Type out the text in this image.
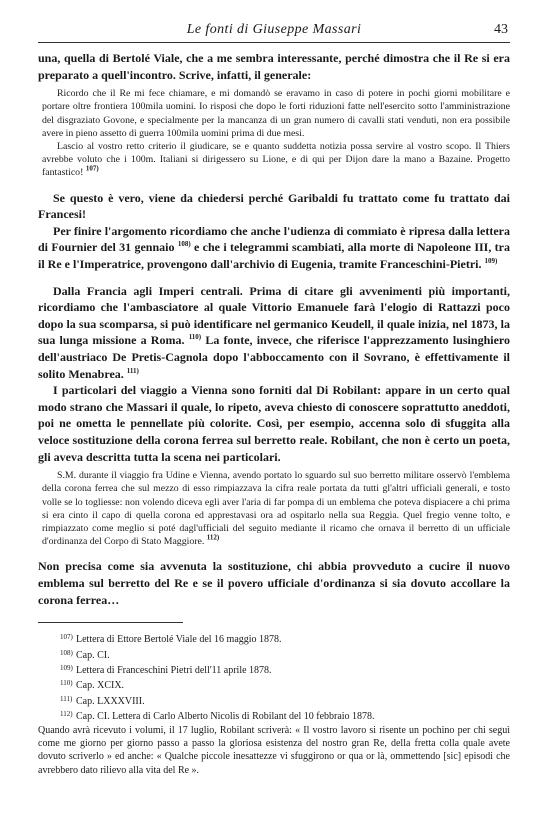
Le fonti di Giuseppe Massari	43

una, quella di Bertolé Viale, che a me sembra interessante, perché dimostra che il Re si era preparato a quell'incontro. Scrive, infatti, il generale:

Ricordo che il Re mi fece chiamare, e mi domandò se eravamo in caso di potere in pochi giorni mobilitare e portare oltre frontiera 100mila uomini. Io risposi che dopo le forti riduzioni fatte nell'esercito sotto l'amministrazione del disgraziato Govone, e specialmente per la mancanza di un gran numero di cavalli stati venduti, non era possibile avere in pieno assetto di guerra 100mila uomini prima di due mesi.

Lascio al vostro retto criterio il giudicare, se e quanto suddetta notizia possa servire al vostro scopo. Il Thiers avrebbe voluto che i 100m. Italiani si dirigessero su Lione, e di qui per Dijon dare la mano a Bazaine. Progetto fantastico! $^{107)}$

Se questo è vero, viene da chiedersi perché Garibaldi fu trattato come fu trattato dai Francesi!

Per finire l'argomento ricordiamo che anche l'udienza di commiato è ripresa dalla lettera di Fournier del 31 gennaio $^{108)}$ e che i telegrammi scambiati, alla morte di Napoleone III, tra il Re e l'Imperatrice, provengono dall'archivio di Eugenia, tramite Franceschini-Pietri. $^{109)}$

Dalla Francia agli Imperi centrali. Prima di citare gli avvenimenti più importanti, ricordiamo che l'ambasciatore al quale Vittorio Emanuele farà l'elogio di Rattazzi poco dopo la sua scomparsa, si può identificare nel germanico Keudell, il quale inizia, nel 1873, la sua lunga missione a Roma. $^{110)}$ La fonte, invece, che riferisce l'apprezzamento lusinghiero dell'austriaco De Pretis-Cagnola dopo l'abboccamento con il Sovrano, è effettivamente il solito Menabrea. $^{111)}$

I particolari del viaggio a Vienna sono forniti dal Di Robilant: appare in un certo qual modo strano che Massari il quale, lo ripeto, aveva chiesto di conoscere soprattutto aneddoti, poi ne ometta le pennellate più colorite. Così, per esempio, accenna solo di sfuggita alla veloce sostituzione della corona ferrea sul berretto reale. Robilant, che non è certo un poeta, gli aveva descritta tutta la scena nei particolari.

S.M. durante il viaggio fra Udine e Vienna, avendo portato lo sguardo sul suo berretto militare osservò l'emblema della corona ferrea che sul mezzo di esso rimpiazzava la cifra reale portata da tutti gl'altri ufficiali generali, e tosto volle se lo togliesse: non volendo diceva egli aver l'aria di far pompa di un emblema che poteva dispiacere a chi prima si era cinto il capo di quella corona ed apprestavasi ora ad ospitarlo nella sua Reggia. Quel fregio venne tolto, e rimpiazzato come meglio si poté dagl'ufficiali del seguito mediante il ricamo che ornava il berretto di un ufficiale d'ordinanza del Corpo di Stato Maggiore. $^{112)}$

Non precisa come sia avvenuta la sostituzione, chi abbia provveduto a cucire il nuovo emblema sul berretto del Re e se il povero ufficiale d'ordinanza si sia dovuto accollare la corona ferrea…

107) Lettera di Ettore Bertolé Viale del 16 maggio 1878.
108) Cap. CI.
109) Lettera di Franceschini Pietri dell'11 aprile 1878.
110) Cap. XCIX.
111) Cap. LXXXVIII.
112) Cap. CI. Lettera di Carlo Alberto Nicolis di Robilant del 10 febbraio 1878.
Quando avrà ricevuto i volumi, il 17 luglio, Robilant scriverà: « Il vostro lavoro si risente un pochino per chi seguì come me giorno per giorno passo a passo la gloriosa esistenza del nostro gran Re, della fretta colla quale avete dovuto scriverlo » ed anche: « Qualche piccole inesattezze vi sfuggirono or qua or là, ommettendo [sic] episodi che avrebbero dato rilievo alla vita del Re ».
